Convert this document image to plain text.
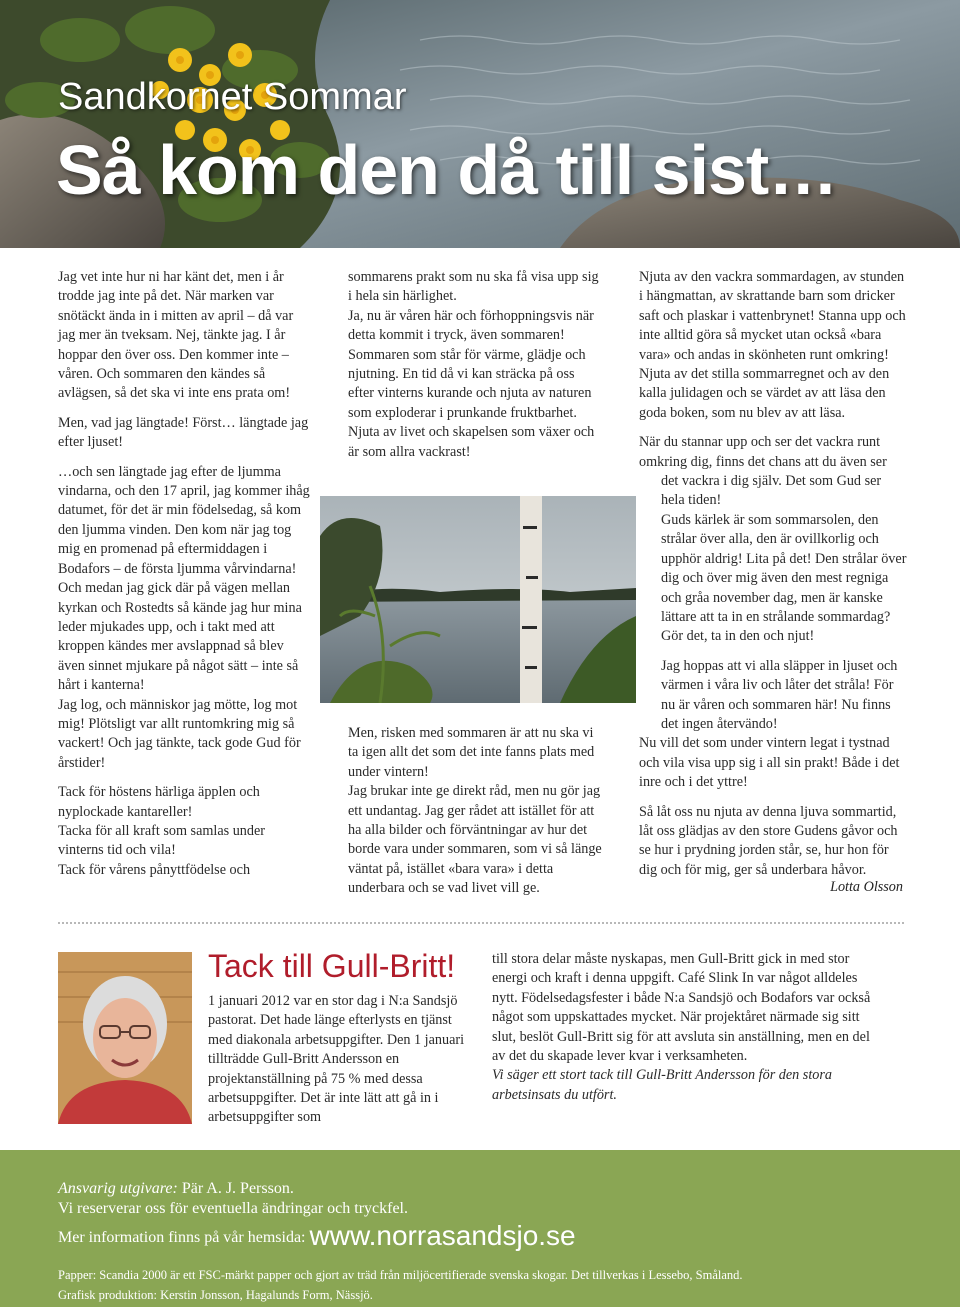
Sandkornet Sommar
Så kom den då till sist…

Jag vet inte hur ni har känt det, men i år trodde jag inte på det. När marken var snötäckt ända in i mitten av april – då var jag mer än tveksam. Nej, tänkte jag. I år hoppar den över oss. Den kommer inte – våren. Och sommaren den kändes så avlägsen, så det ska vi inte ens prata om!

Men, vad jag längtade! Först… längtade jag efter ljuset!

…och sen längtade jag efter de ljumma vindarna, och den 17 april, jag kommer ihåg datumet, för det är min födelsedag, så kom den ljumma vinden. Den kom när jag tog mig en promenad på eftermiddagen i Bodafors – de första ljumma vårvindarna!

Och medan jag gick där på vägen mellan kyrkan och Rostedts så kände jag hur mina leder mjukades upp, och i takt med att kroppen kändes mer avslappnad så blev även sinnet mjukare på något sätt – inte så hårt i kanterna!

Jag log, och människor jag mötte, log mot mig! Plötsligt var allt runtomkring mig så vackert! Och jag tänkte, tack gode Gud för årstider!

Tack för höstens härliga äpplen och nyplockade kantareller!

Tacka för all kraft som samlas under vinterns tid och vila!

Tack för vårens pånyttfödelse och

sommarens prakt som nu ska få visa upp sig i hela sin härlighet.

Ja, nu är våren här och förhoppningsvis när detta kommit i tryck, även sommaren!

Sommaren som står för värme, glädje och njutning. En tid då vi kan sträcka på oss efter vinterns kurande och njuta av naturen som exploderar i prunkande fruktbarhet.

Njuta av livet och skapelsen som växer och är som allra vackrast!

Men, risken med sommaren är att nu ska vi ta igen allt det som det inte fanns plats med under vintern!

Jag brukar inte ge direkt råd, men nu gör jag ett undantag. Jag ger rådet att istället för att ha alla bilder och förväntningar av hur det borde vara under sommaren, som vi så länge väntat på, istället «bara vara» i detta underbara och se vad livet vill ge.

Njuta av den vackra sommardagen, av stunden i hängmattan, av skrattande barn som dricker saft och plaskar i vattenbrynet! Stanna upp och inte alltid göra så mycket utan också «bara vara» och andas in skönheten runt omkring! Njuta av det stilla sommarregnet och av den kalla julidagen och se värdet av att läsa den goda boken, som nu blev av att läsa.

När du stannar upp och ser det vackra runt omkring dig, finns det chans att du även ser

det vackra i dig själv. Det som Gud ser hela tiden!

Guds kärlek är som sommarsolen, den strålar över alla, den är ovillkorlig och upphör aldrig! Lita på det! Den strålar över dig och över mig även den mest regniga och gråa november dag, men är kanske lättare att ta in en strålande sommardag? Gör det, ta in den och njut!

Jag hoppas att vi alla släpper in ljuset och värmen i våra liv och låter det stråla! För nu är våren och sommaren här! Nu finns det ingen återvändo!

Nu vill det som under vintern legat i tystnad och vila visa upp sig i all sin prakt! Både i det inre och i det yttre!

Så låt oss nu njuta av denna ljuva sommartid, låt oss glädjas av den store Gudens gåvor och se hur i prydning jorden står, se, hur hon för dig och för mig, ger så underbara håvor.

Lotta Olsson
Tack till Gull-Britt!

1 januari 2012 var en stor dag i N:a Sandsjö pastorat. Det hade länge efterlysts en tjänst med diakonala arbetsuppgifter. Den 1 januari tillträdde Gull-Britt Andersson en projektanställning på 75 % med dessa arbetsuppgifter. Det är inte lätt att gå in i arbetsuppgifter som

till stora delar måste nyskapas, men Gull-Britt gick in med stor energi och kraft i denna uppgift. Café Slink In var något alldeles nytt. Födelsedagsfester i både N:a Sandsjö och Bodafors var också något som uppskattades mycket. När projektåret närmade sig sitt slut, beslöt Gull-Britt sig för att avsluta sin anställning, men en del av det du skapade lever kvar i verksamheten.

Vi säger ett stort tack till Gull-Britt Andersson för den stora arbetsinsats du utfört.

Ansvarig utgivare: Pär A. J. Persson.
Vi reserverar oss för eventuella ändringar och tryckfel.
Mer information finns på vår hemsida: www.norrasandsjo.se
Papper: Scandia 2000 är ett FSC-märkt papper och gjort av träd från miljöcertifierade svenska skogar. Det tillverkas i Lessebo, Småland.
Grafisk produktion: Kerstin Jonsson, Hagalunds Form, Nässjö.
